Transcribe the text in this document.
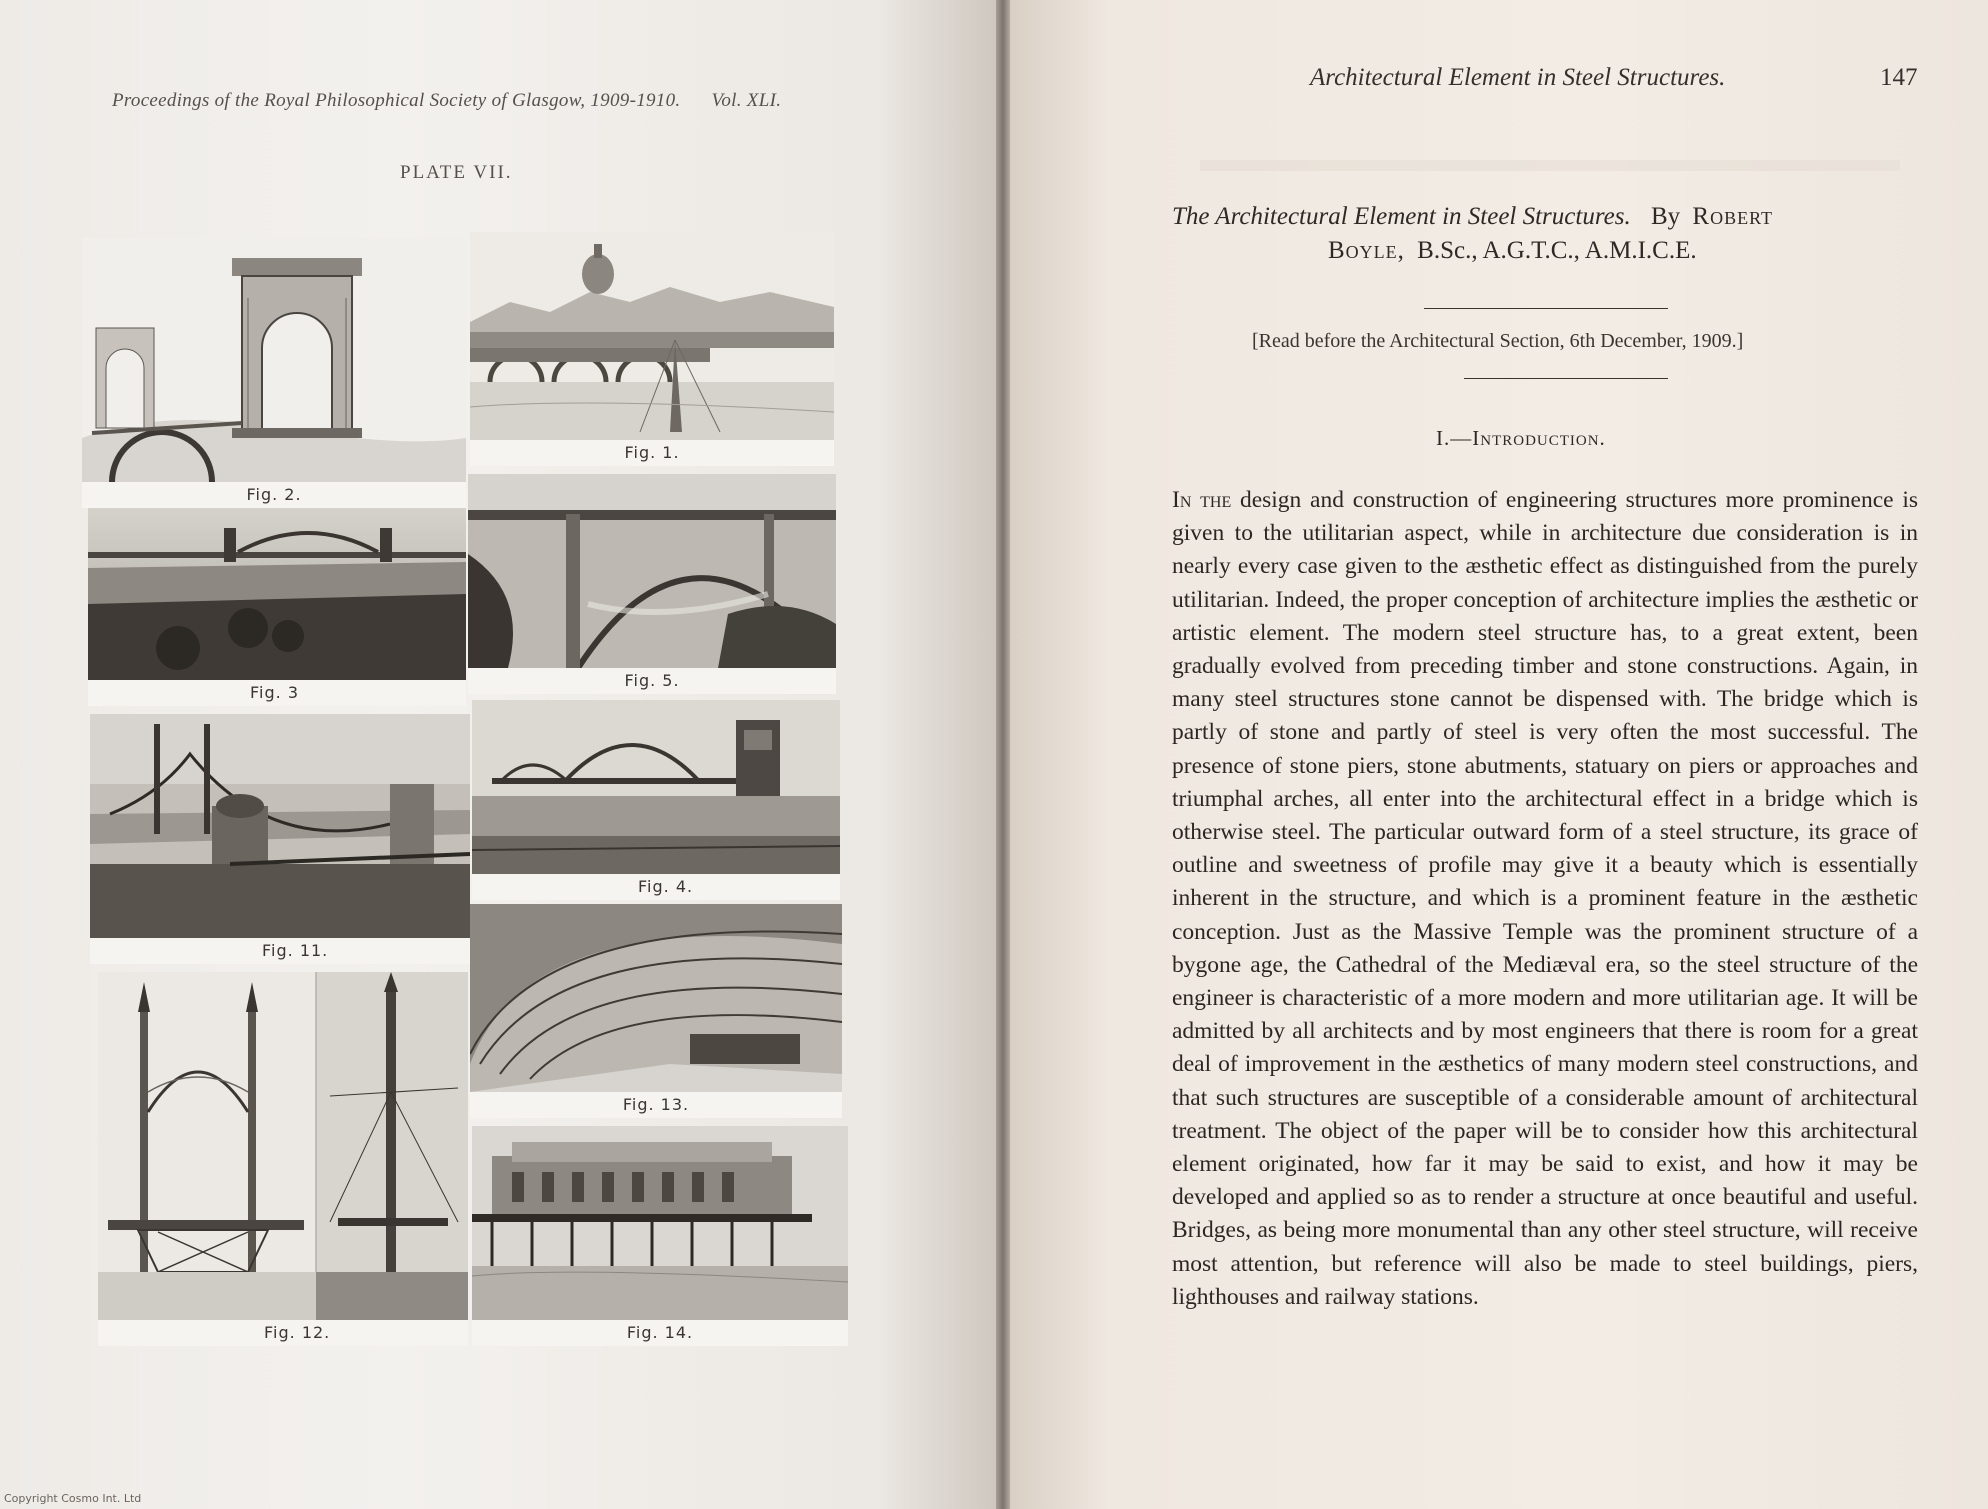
Proceedings of the Royal Philosophical Society of Glasgow, 1909-1910. Vol. XLI.
PLATE VII.
Fig. 2.
Fig. 1.
Fig. 3
Fig. 5.
Fig. 11.
Fig. 4.
Fig. 12.
Fig. 13.
Fig. 14.
Architectural Element in Steel Structures.	147
The Architectural Element in Steel Structures. By Robert
Boyle, B.Sc., A.G.T.C., A.M.I.C.E.
[Read before the Architectural Section, 6th December, 1909.]
I.—Introduction.
In the design and construction of engineering structures more prominence is given to the utilitarian aspect, while in architecture due consideration is in nearly every case given to the æsthetic effect as distinguished from the purely utilitarian. Indeed, the proper conception of architecture implies the æsthetic or artistic element. The modern steel structure has, to a great extent, been gradually evolved from preceding timber and stone constructions. Again, in many steel structures stone cannot be dispensed with. The bridge which is partly of stone and partly of steel is very often the most successful. The presence of stone piers, stone abutments, statuary on piers or approaches and triumphal arches, all enter into the architectural effect in a bridge which is otherwise steel. The particular outward form of a steel structure, its grace of outline and sweetness of profile may give it a beauty which is essentially inherent in the structure, and which is a prominent feature in the æsthetic conception. Just as the Massive Temple was the prominent structure of a bygone age, the Cathedral of the Mediæval era, so the steel structure of the engineer is characteristic of a more modern and more utilitarian age. It will be admitted by all architects and by most engineers that there is room for a great deal of improvement in the æsthetics of many modern steel constructions, and that such structures are susceptible of a considerable amount of architectural treatment. The object of the paper will be to consider how this architectural element originated, how far it may be said to exist, and how it may be developed and applied so as to render a structure at once beautiful and useful. Bridges, as being more monumental than any other steel structure, will receive most attention, but reference will also be made to steel buildings, piers, lighthouses and railway stations.
Copyright Cosmo Int. Ltd
